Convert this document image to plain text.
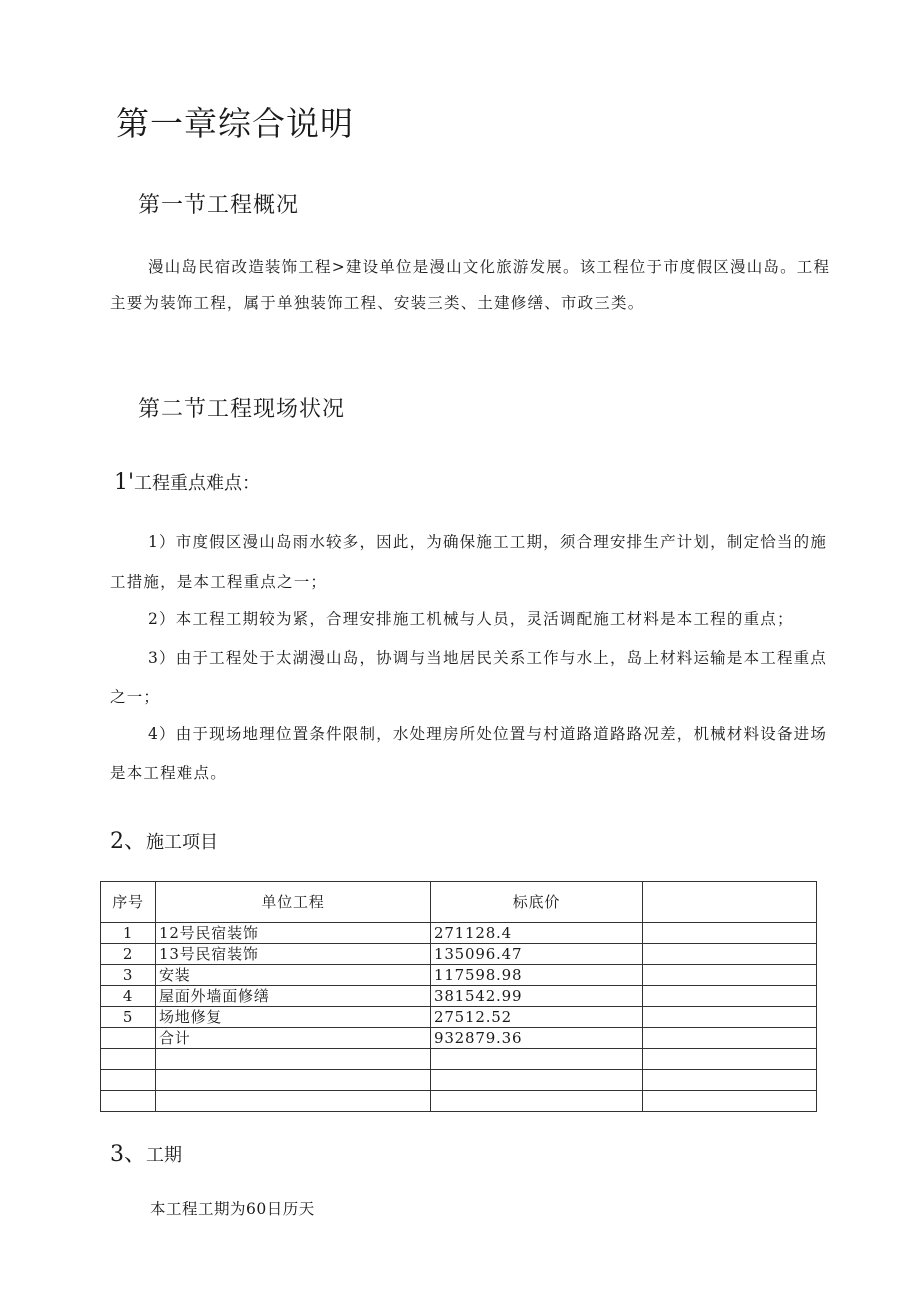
第一章综合说明
第一节工程概况
漫山岛民宿改造装饰工程>建设单位是漫山文化旅游发展。该工程位于市度假区漫山岛。工程
主要为装饰工程，属于单独装饰工程、安装三类、土建修缮、市政三类。
第二节工程现场状况
1'工程重点难点：
1）市度假区漫山岛雨水较多，因此，为确保施工工期，须合理安排生产计划，制定恰当的施
工措施，是本工程重点之一；
2）本工程工期较为紧，合理安排施工机械与人员，灵活调配施工材料是本工程的重点；
3）由于工程处于太湖漫山岛，协调与当地居民关系工作与水上，岛上材料运输是本工程重点
之一；
4）由于现场地理位置条件限制，水处理房所处位置与村道路道路路况差，机械材料设备进场
是本工程难点。
2、施工项目
序号	单位工程	标底价	
1	12号民宿装饰	271128.4	
2	13号民宿装饰	135096.47	
3	安装	117598.98	
4	屋面外墙面修缮	381542.99	
5	场地修复	27512.52	
	合计	932879.36	

3、工期
本工程工期为60日历天
